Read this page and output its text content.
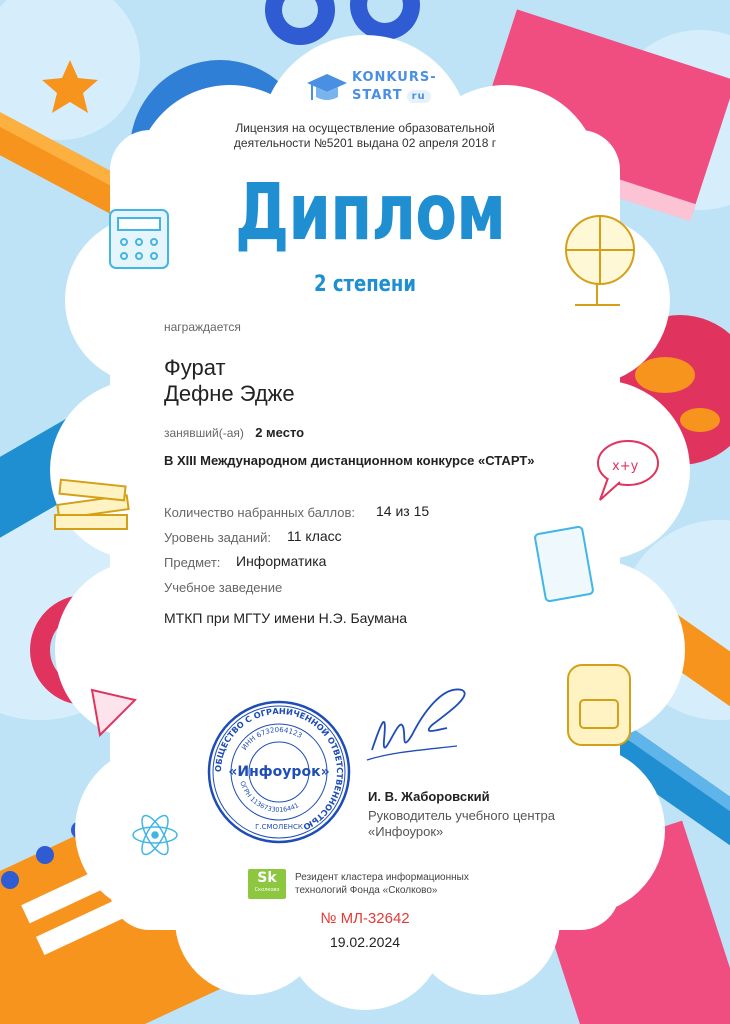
x+y
KONKURS-
START ru
Лицензия на осуществление образовательной
деятельности №5201 выдана 02 апреля 2018 г
Диплом
2 степени
награждается
Фурат
Дефне Эдже
занявший(-ая) 2 место
В XIII Международном дистанционном конкурсе «СТАРТ»
Количество набранных баллов: 14 из 15
Уровень заданий: 11 класс
Предмет: Информатика
Учебное заведение
МТКП при МГТУ имени Н.Э. Баумана
ОБЩЕСТВО С ОГРАНИЧЕННОЙ ОТВЕТСТВЕННОСТЬЮ
ИНН 6732064123
ОГРН 1136733016441
«Инфоурок»
Г.СМОЛЕНСК
И. В. Жаборовский
Руководитель учебного центра
«Инфоурок»
Sk
Сколково
Резидент кластера информационных
технологий Фонда «Сколково»
№ МЛ-32642
19.02.2024
